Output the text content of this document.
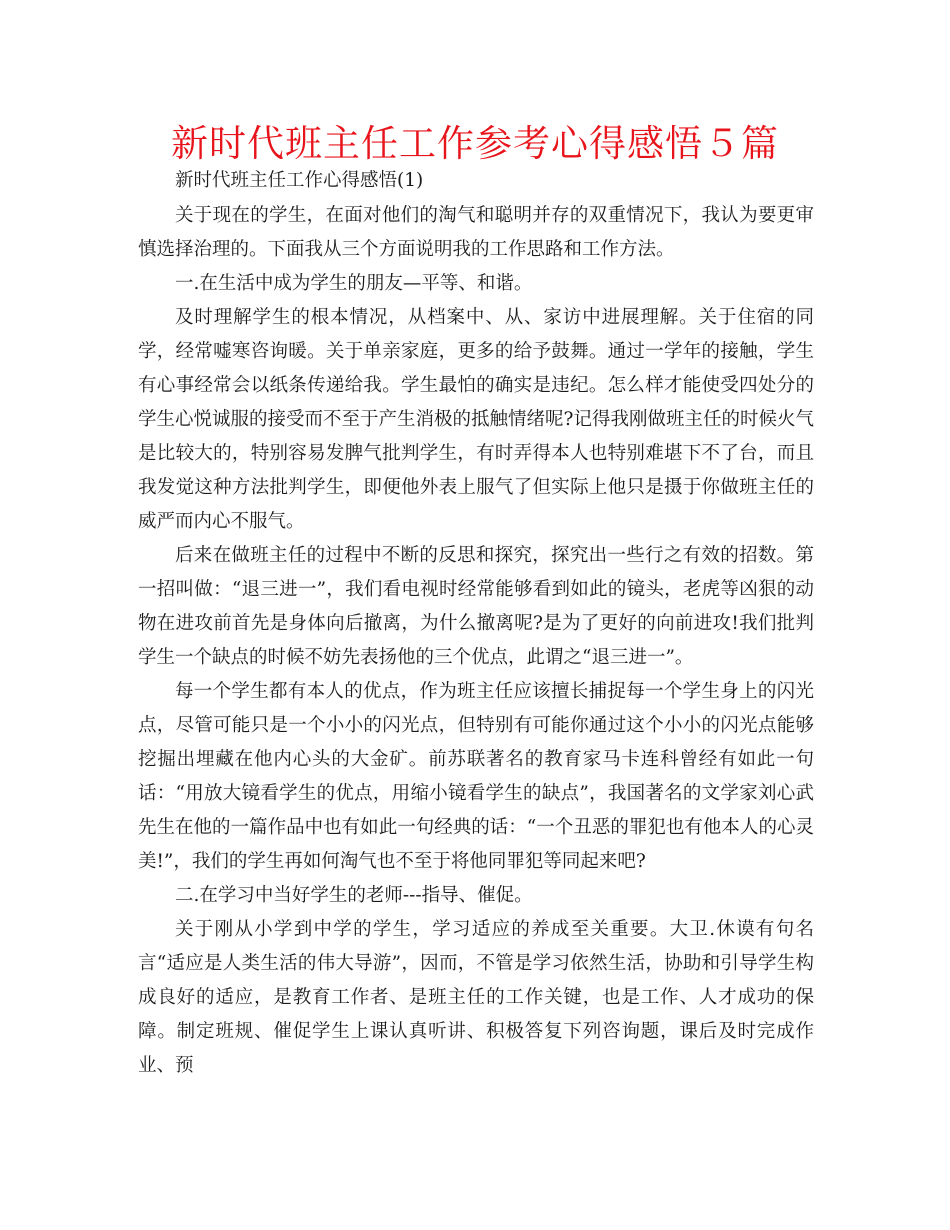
新时代班主任工作参考心得感悟５篇

新时代班主任工作心得感悟(1)

关于现在的学生，在面对他们的淘气和聪明并存的双重情况下，我认为要更审慎选择治理的。下面我从三个方面说明我的工作思路和工作方法。

一.在生活中成为学生的朋友—平等、和谐。

及时理解学生的根本情况，从档案中、从、家访中进展理解。关于住宿的同学，经常嘘寒咨询暖。关于单亲家庭，更多的给予鼓舞。通过一学年的接触，学生有心事经常会以纸条传递给我。学生最怕的确实是违纪。怎么样才能使受四处分的学生心悦诚服的接受而不至于产生消极的抵触情绪呢?记得我刚做班主任的时候火气是比较大的，特别容易发脾气批判学生，有时弄得本人也特别难堪下不了台，而且我发觉这种方法批判学生，即便他外表上服气了但实际上他只是摄于你做班主任的威严而内心不服气。

后来在做班主任的过程中不断的反思和探究，探究出一些行之有效的招数。第一招叫做：“退三进一”，我们看电视时经常能够看到如此的镜头，老虎等凶狠的动物在进攻前首先是身体向后撤离，为什么撤离呢?是为了更好的向前进攻!我们批判学生一个缺点的时候不妨先表扬他的三个优点，此谓之“退三进一”。

每一个学生都有本人的优点，作为班主任应该擅长捕捉每一个学生身上的闪光点，尽管可能只是一个小小的闪光点，但特别有可能你通过这个小小的闪光点能够挖掘出埋藏在他内心头的大金矿。前苏联著名的教育家马卡连科曾经有如此一句话：“用放大镜看学生的优点，用缩小镜看学生的缺点”，我国著名的文学家刘心武先生在他的一篇作品中也有如此一句经典的话：“一个丑恶的罪犯也有他本人的心灵美!”，我们的学生再如何淘气也不至于将他同罪犯等同起来吧?

二.在学习中当好学生的老师---指导、催促。

关于刚从小学到中学的学生，学习适应的养成至关重要。大卫.休谟有句名言“适应是人类生活的伟大导游”，因而，不管是学习依然生活，协助和引导学生构成良好的适应，是教育工作者、是班主任的工作关键，也是工作、人才成功的保障。制定班规、催促学生上课认真听讲、积极答复下列咨询题，课后及时完成作业、预
